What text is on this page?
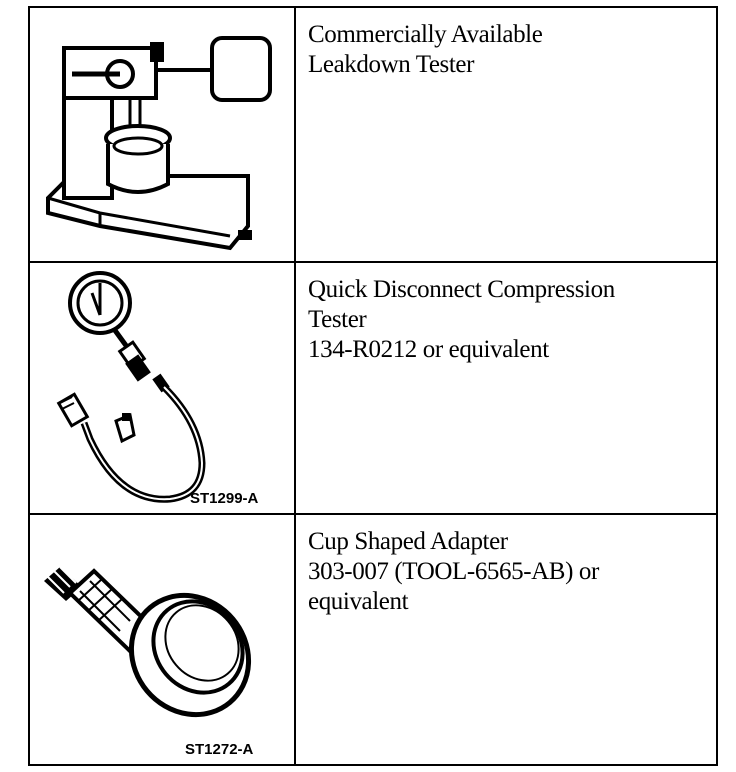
Commercially Available
Leakdown Tester
ST1299-A
Quick Disconnect Compression
Tester
134-R0212 or equivalent
ST1272-A
Cup Shaped Adapter
303-007 (TOOL-6565-AB) or
equivalent
